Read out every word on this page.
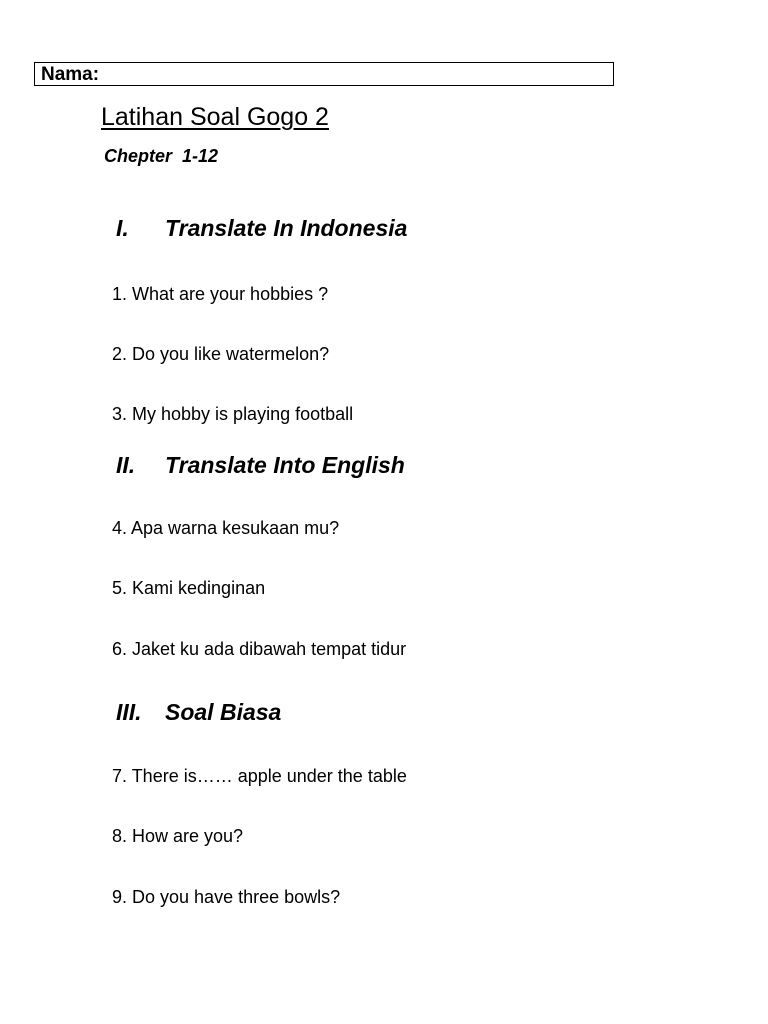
Nama:
Latihan Soal Gogo 2
Chepter  1-12
I. Translate In Indonesia
1. What are your hobbies ?
2. Do you like watermelon?
3. My hobby is playing football
II. Translate Into English
4. Apa warna kesukaan mu?
5. Kami kedinginan
6. Jaket ku ada dibawah tempat tidur
III. Soal Biasa
7. There is…… apple under the table
8. How are you?
9. Do you have three bowls?
